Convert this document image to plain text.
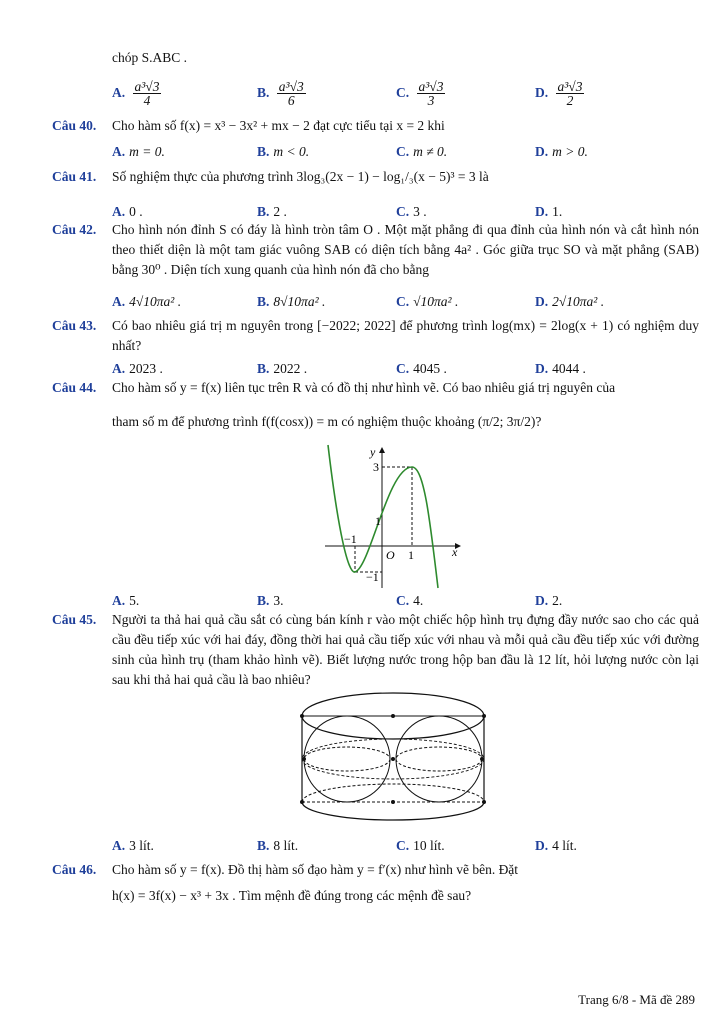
chóp S.ABC .
A. $\frac{\text{a³√3}}{4}$	B. $\frac{\text{a³√3}}{6}$	C. $\frac{\text{a³√3}}{3}$	D. $\frac{\text{a³√3}}{2}$
Câu 40. Cho hàm số f(x) = x³ − 3x² + mx − 2 đạt cực tiểu tại x = 2 khi
A. m = 0.	B. m < 0.	C. m ≠ 0.	D. m > 0.
Câu 41. Số nghiệm thực của phương trình 3log₃(2x − 1) − log₁/₃(x − 5)³ = 3 là
A. 0 .	B. 2 .	C. 3 .	D. 1.
Câu 42. Cho hình nón đỉnh S có đáy là hình tròn tâm O . Một mặt phẳng đi qua đỉnh của hình nón và cắt hình nón theo thiết diện là một tam giác vuông SAB có diện tích bằng 4a² . Góc giữa trục SO và mặt phẳng (SAB) bằng 30⁰ . Diện tích xung quanh của hình nón đã cho bằng
A. 4√10πa² .	B. 8√10πa² .	C. √10πa² .	D. 2√10πa² .
Câu 43. Có bao nhiêu giá trị m nguyên trong [−2022; 2022] để phương trình log(mx) = 2log(x + 1) có nghiệm duy nhất?
A. 2023 .	B. 2022 .	C. 4045 .	D. 4044 .
Câu 44. Cho hàm số y = f(x) liên tục trên R và có đồ thị như hình vẽ. Có bao nhiêu giá trị nguyên của
tham số m để phương trình f(f(cosx)) = m có nghiệm thuộc khoảng (π/2; 3π/2)?
y
x
O
3
1
−1
−1
1
A. 5.	B. 3.	C. 4.	D. 2.
Câu 45. Người ta thả hai quả cầu sắt có cùng bán kính r vào một chiếc hộp hình trụ đựng đầy nước sao cho các quả cầu đều tiếp xúc với hai đáy, đồng thời hai quả cầu tiếp xúc với nhau và mỗi quả cầu đều tiếp xúc với đường sinh của hình trụ (tham khảo hình vẽ). Biết lượng nước trong hộp ban đầu là 12 lít, hỏi lượng nước còn lại sau khi thả hai quả cầu là bao nhiêu?
A. 3 lít.	B. 8 lít.	C. 10 lít.	D. 4 lít.
Câu 46. Cho hàm số y = f(x). Đồ thị hàm số đạo hàm y = f′(x) như hình vẽ bên. Đặt
h(x) = 3f(x) − x³ + 3x . Tìm mệnh đề đúng trong các mệnh đề sau?
Trang 6/8 - Mã đề 289
